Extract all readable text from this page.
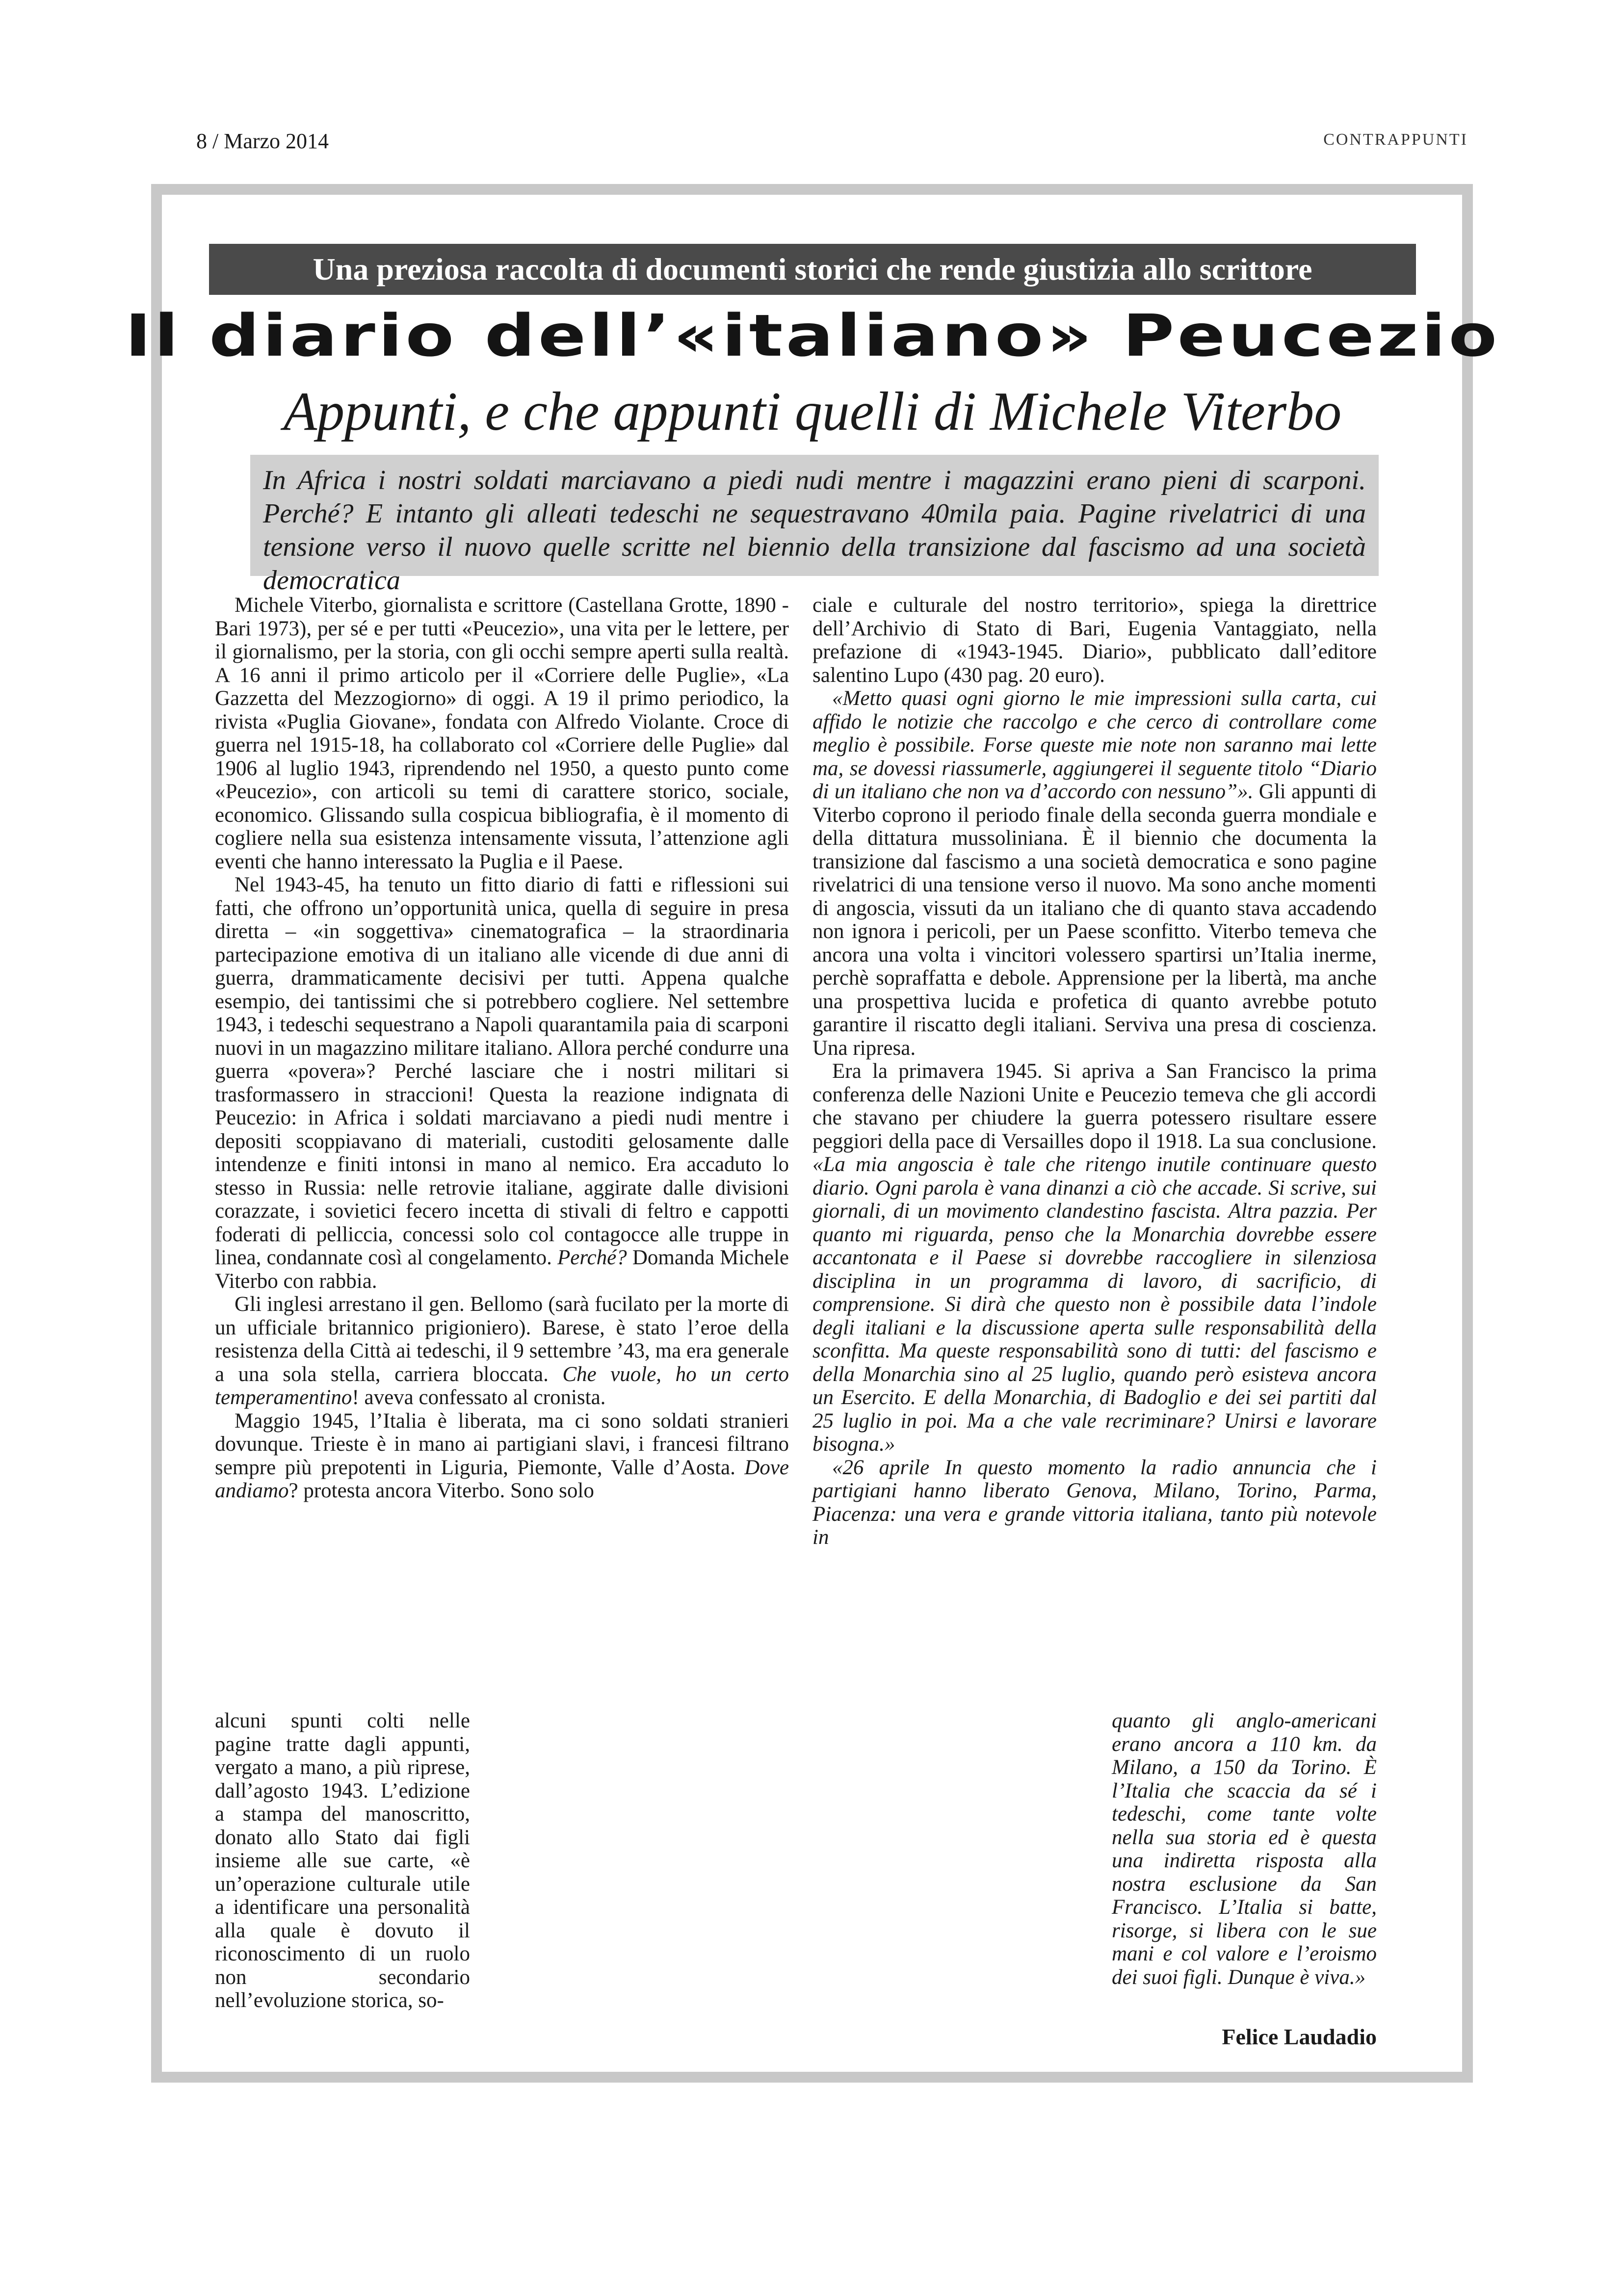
8 / Marzo 2014	CONTRAPPUNTI
Una preziosa raccolta di documenti storici che rende giustizia allo scrittore
Il diario dell’«italiano» Peucezio
Appunti, e che appunti quelli di Michele Viterbo
In Africa i nostri soldati marciavano a piedi nudi mentre i magazzini erano pieni di scarponi. Perché? E intanto gli alleati tedeschi ne sequestravano 40mila paia. Pagine rivelatrici di una tensione verso il nuovo quelle scritte nel biennio della transizione dal fascismo ad una società democratica

Michele Viterbo, giornalista e scrittore (Castellana Grotte, 1890 - Bari 1973), per sé e per tutti «Peucezio», una vita per le lettere, per il giornalismo, per la storia, con gli occhi sempre aperti sulla realtà. A 16 anni il primo articolo per il «Corriere delle Puglie», «La Gazzetta del Mezzogiorno» di oggi. A 19 il primo periodico, la rivista «Puglia Giovane», fondata con Alfredo Violante. Croce di guerra nel 1915-18, ha collaborato col «Corriere delle Puglie» dal 1906 al luglio 1943, riprendendo nel 1950, a questo punto come «Peucezio», con articoli su temi di carattere storico, sociale, economico. Glissando sulla cospicua bibliografia, è il momento di cogliere nella sua esistenza intensamente vissuta, l’attenzione agli eventi che hanno interessato la Puglia e il Paese.

Nel 1943-45, ha tenuto un fitto diario di fatti e riflessioni sui fatti, che offrono un’opportunità unica, quella di seguire in presa diretta – «in soggettiva» cinematografica – la straordinaria partecipazione emotiva di un italiano alle vicende di due anni di guerra, drammaticamente decisivi per tutti. Appena qualche esempio, dei tantissimi che si potrebbero cogliere. Nel settembre 1943, i tedeschi sequestrano a Napoli quarantamila paia di scarponi nuovi in un magazzino militare italiano. Allora perché condurre una guerra «povera»? Perché lasciare che i nostri militari si trasformassero in straccioni! Questa la reazione indignata di Peucezio: in Africa i soldati marciavano a piedi nudi mentre i depositi scoppiavano di materiali, custoditi gelosamente dalle intendenze e finiti intonsi in mano al nemico. Era accaduto lo stesso in Russia: nelle retrovie italiane, aggirate dalle divisioni corazzate, i sovietici fecero incetta di stivali di feltro e cappotti foderati di pelliccia, concessi solo col contagocce alle truppe in linea, condannate così al congelamento. Perché? Domanda Michele Viterbo con rabbia.

Gli inglesi arrestano il gen. Bellomo (sarà fucilato per la morte di un ufficiale britannico prigioniero). Barese, è stato l’eroe della resistenza della Città ai tedeschi, il 9 settembre ’43, ma era generale a una sola stella, carriera bloccata. Che vuole, ho un certo temperamentino! aveva confessato al cronista.

Maggio 1945, l’Italia è liberata, ma ci sono soldati stranieri dovunque. Trieste è in mano ai partigiani slavi, i francesi filtrano sempre più prepotenti in Liguria, Piemonte, Valle d’Aosta. Dove andiamo? protesta ancora Viterbo. Sono solo

alcuni spunti colti nelle pagine tratte dagli appunti, vergato a mano, a più riprese, dall’agosto 1943. L’edizione a stampa del manoscritto, donato allo Stato dai figli insieme alle sue carte, «è un’operazione culturale utile a identificare una personalità alla quale è dovuto il riconoscimento di un ruolo non secondario nell’evoluzione storica, so-

ciale e culturale del nostro territorio», spiega la direttrice dell’Archivio di Stato di Bari, Eugenia Vantaggiato, nella prefazione di «1943-1945. Diario», pubblicato dall’editore salentino Lupo (430 pag. 20 euro).

«Metto quasi ogni giorno le mie impressioni sulla carta, cui affido le notizie che raccolgo e che cerco di controllare come meglio è possibile. Forse queste mie note non saranno mai lette ma, se dovessi riassumerle, aggiungerei il seguente titolo “Diario di un italiano che non va d’accordo con nessuno”». Gli appunti di Viterbo coprono il periodo finale della seconda guerra mondiale e della dittatura mussoliniana. È il biennio che documenta la transizione dal fascismo a una società democratica e sono pagine rivelatrici di una tensione verso il nuovo. Ma sono anche momenti di angoscia, vissuti da un italiano che di quanto stava accadendo non ignora i pericoli, per un Paese sconfitto. Viterbo temeva che ancora una volta i vincitori volessero spartirsi un’Italia inerme, perchè sopraffatta e debole. Apprensione per la libertà, ma anche una prospettiva lucida e profetica di quanto avrebbe potuto garantire il riscatto degli italiani. Serviva una presa di coscienza. Una ripresa.

Era la primavera 1945. Si apriva a San Francisco la prima conferenza delle Nazioni Unite e Peucezio temeva che gli accordi che stavano per chiudere la guerra potessero risultare essere peggiori della pace di Versailles dopo il 1918. La sua conclusione. «La mia angoscia è tale che ritengo inutile continuare questo diario. Ogni parola è vana dinanzi a ciò che accade. Si scrive, sui giornali, di un movimento clandestino fascista. Altra pazzia. Per quanto mi riguarda, penso che la Monarchia dovrebbe essere accantonata e il Paese si dovrebbe raccogliere in silenziosa disciplina in un programma di lavoro, di sacrificio, di comprensione. Si dirà che questo non è possibile data l’indole degli italiani e la discussione aperta sulle responsabilità della sconfitta. Ma queste responsabilità sono di tutti: del fascismo e della Monarchia sino al 25 luglio, quando però esisteva ancora un Esercito. E della Monarchia, di Badoglio e dei sei partiti dal 25 luglio in poi. Ma a che vale recriminare? Unirsi e lavorare bisogna.»

«26 aprile In questo momento la radio annuncia che i partigiani hanno liberato Genova, Milano, Torino, Parma, Piacenza: una vera e grande vittoria italiana, tanto più notevole in

quanto gli anglo-americani erano ancora a 110 km. da Milano, a 150 da Torino. È l’Italia che scaccia da sé i tedeschi, come tante volte nella sua storia ed è questa una indiretta risposta alla nostra esclusione da San Francisco. L’Italia si batte, risorge, si libera con le sue mani e col valore e l’eroismo dei suoi figli. Dunque è viva.»

Felice Laudadio
